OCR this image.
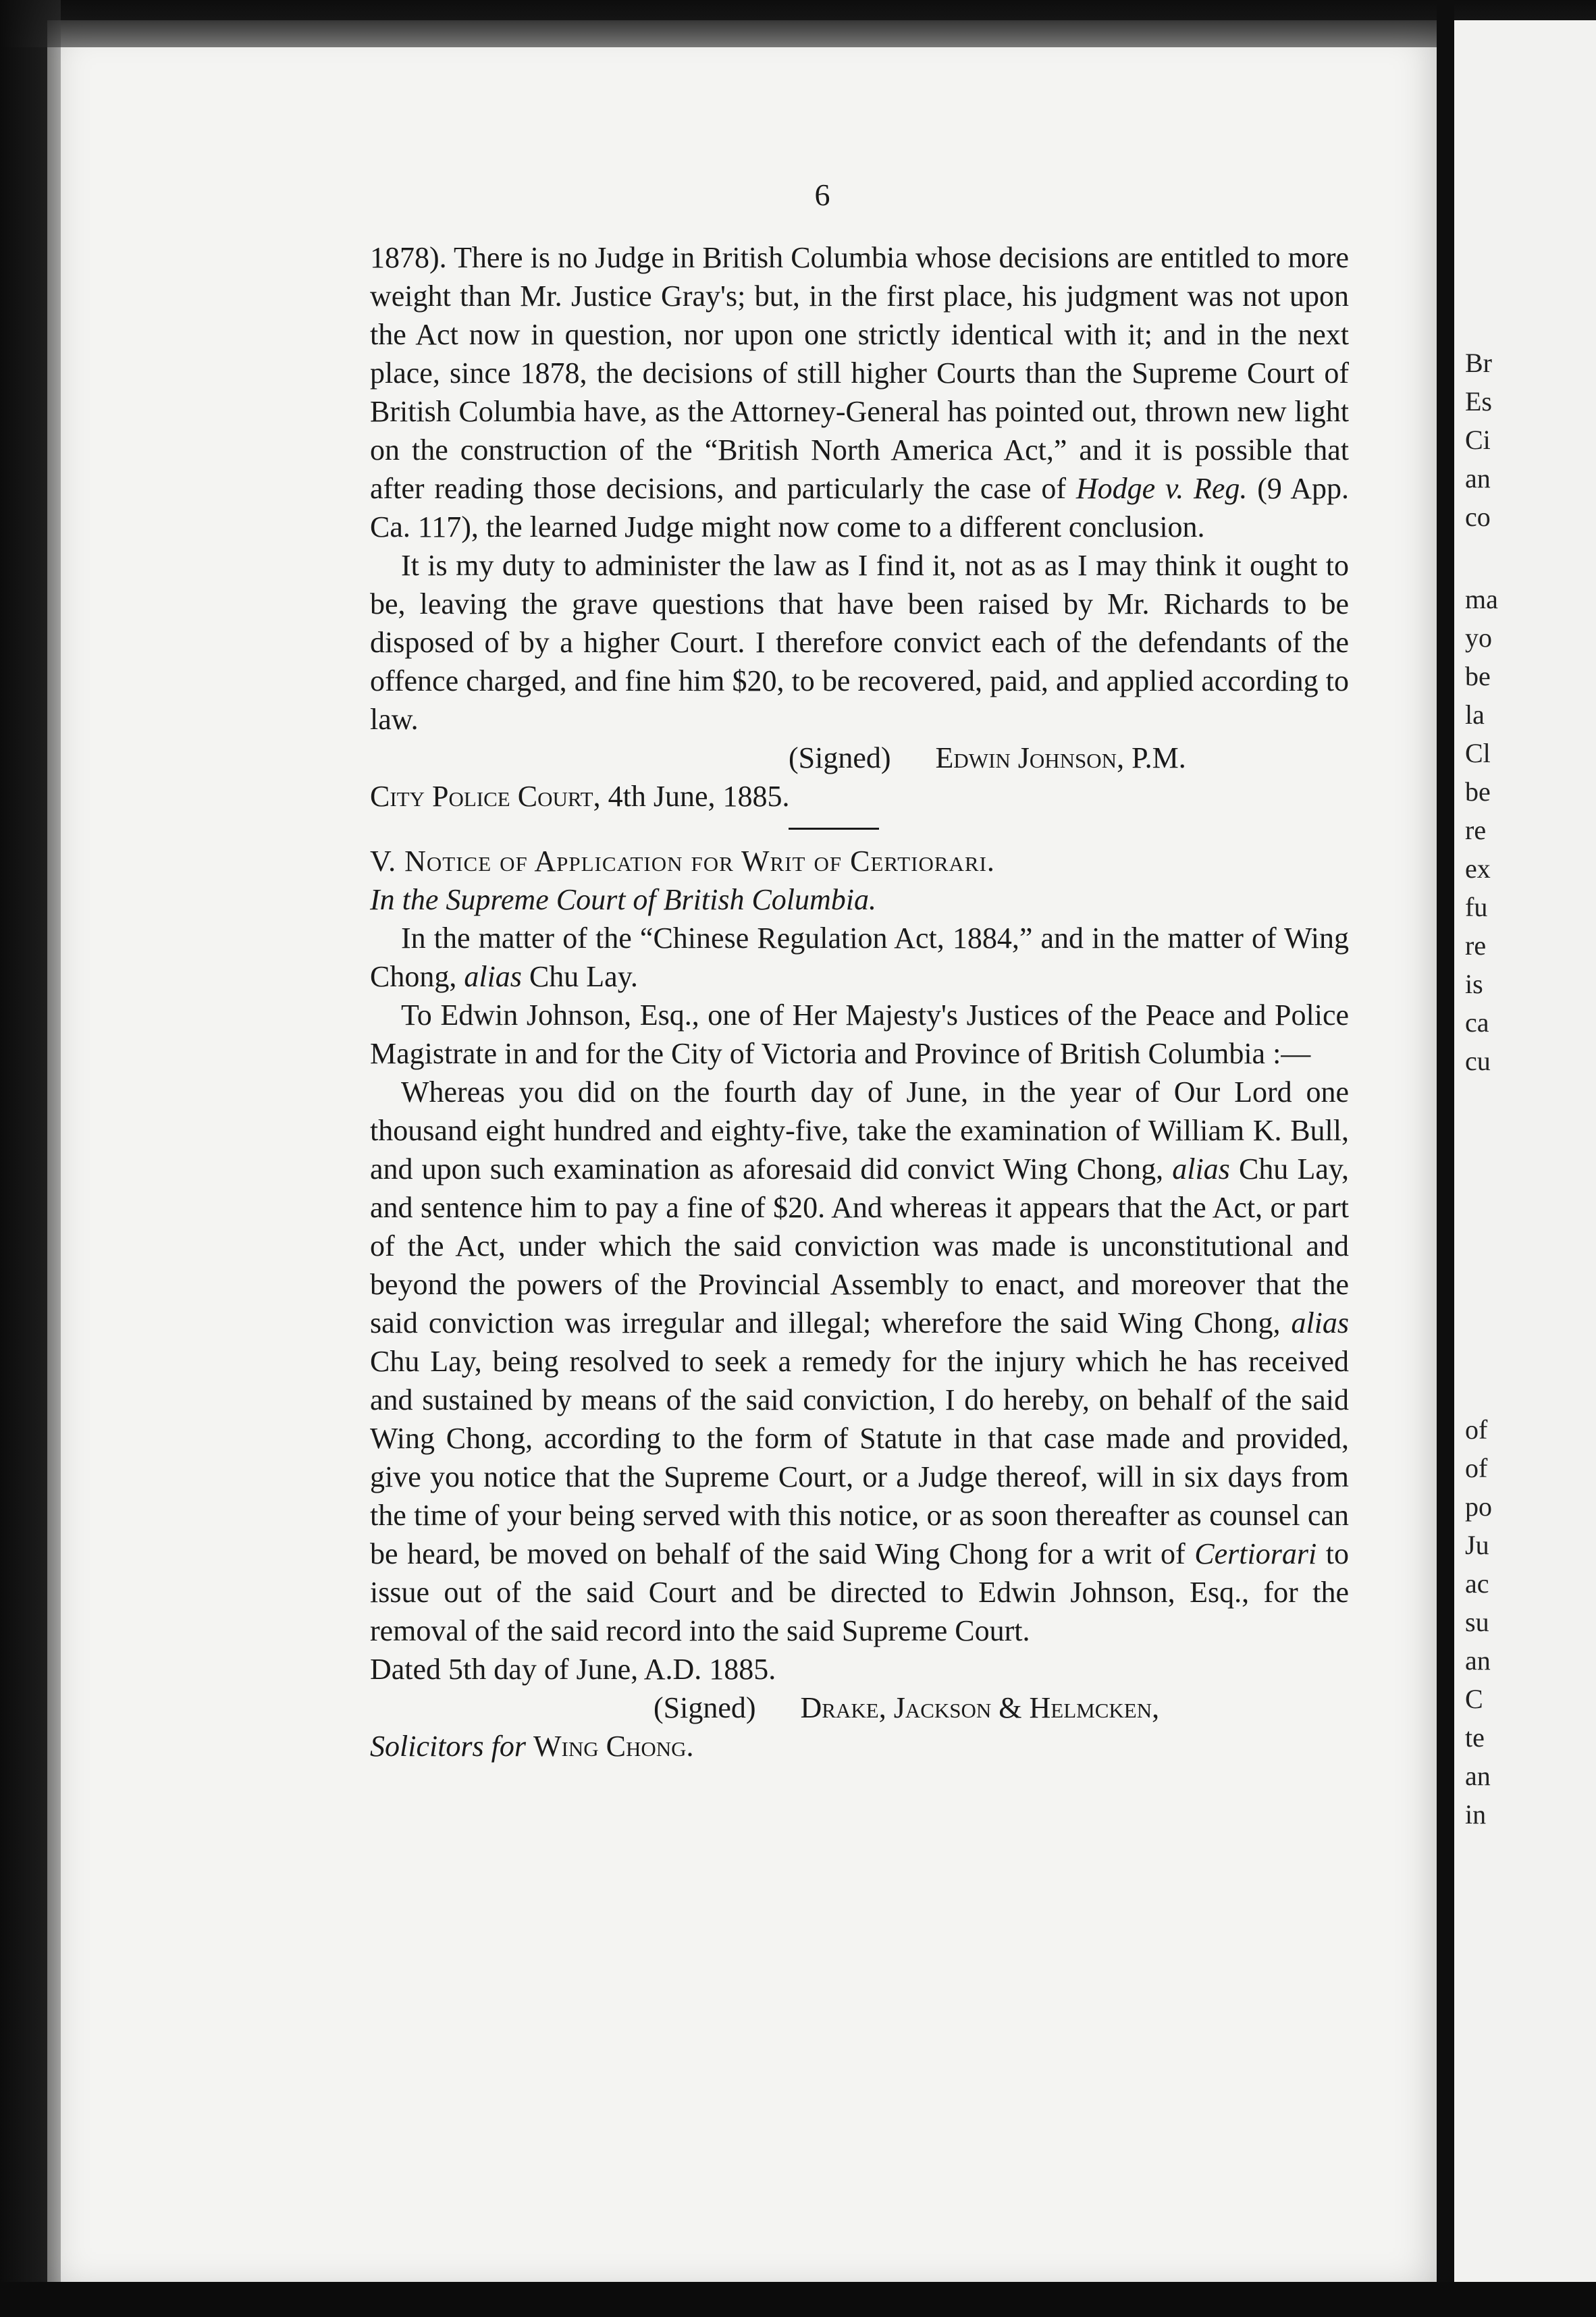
Br
Es
Ci
an
co
ma
yo
be
la
Cl
be
re
ex
fu
re
is
ca
cu
of
of
po
Ju
ac
su
an
C
te
an
in
6

1878). There is no Judge in British Columbia whose decisions are entitled to more weight than Mr. Justice Gray's; but, in the first place, his judgment was not upon the Act now in question, nor upon one strictly identical with it; and in the next place, since 1878, the decisions of still higher Courts than the Supreme Court of British Columbia have, as the Attorney-General has pointed out, thrown new light on the construction of the “British North America Act,” and it is possible that after reading those decisions, and particularly the case of Hodge v. Reg. (9 App. Ca. 117), the learned Judge might now come to a different conclusion.

It is my duty to administer the law as I find it, not as as I may think it ought to be, leaving the grave questions that have been raised by Mr. Richards to be disposed of by a higher Court. I therefore convict each of the defendants of the offence charged, and fine him $20, to be recovered, paid, and applied according to law.

(Signed) Edwin Johnson, P.M.

City Police Court, 4th June, 1885.

V. Notice of Application for Writ of Certiorari.

In the Supreme Court of British Columbia.

In the matter of the “Chinese Regulation Act, 1884,” and in the matter of Wing Chong, alias Chu Lay.

To Edwin Johnson, Esq., one of Her Majesty's Justices of the Peace and Police Magistrate in and for the City of Victoria and Province of British Columbia :—

Whereas you did on the fourth day of June, in the year of Our Lord one thousand eight hundred and eighty-five, take the examination of William K. Bull, and upon such examination as aforesaid did convict Wing Chong, alias Chu Lay, and sentence him to pay a fine of $20. And whereas it appears that the Act, or part of the Act, under which the said conviction was made is unconstitutional and beyond the powers of the Provincial Assembly to enact, and moreover that the said conviction was irregular and illegal; wherefore the said Wing Chong, alias Chu Lay, being resolved to seek a remedy for the injury which he has received and sustained by means of the said conviction, I do hereby, on behalf of the said Wing Chong, according to the form of Statute in that case made and provided, give you notice that the Supreme Court, or a Judge thereof, will in six days from the time of your being served with this notice, or as soon thereafter as counsel can be heard, be moved on behalf of the said Wing Chong for a writ of Certiorari to issue out of the said Court and be directed to Edwin Johnson, Esq., for the removal of the said record into the said Supreme Court.

Dated 5th day of June, A.D. 1885.

(Signed) Drake, Jackson & Helmcken,

Solicitors for Wing Chong.
